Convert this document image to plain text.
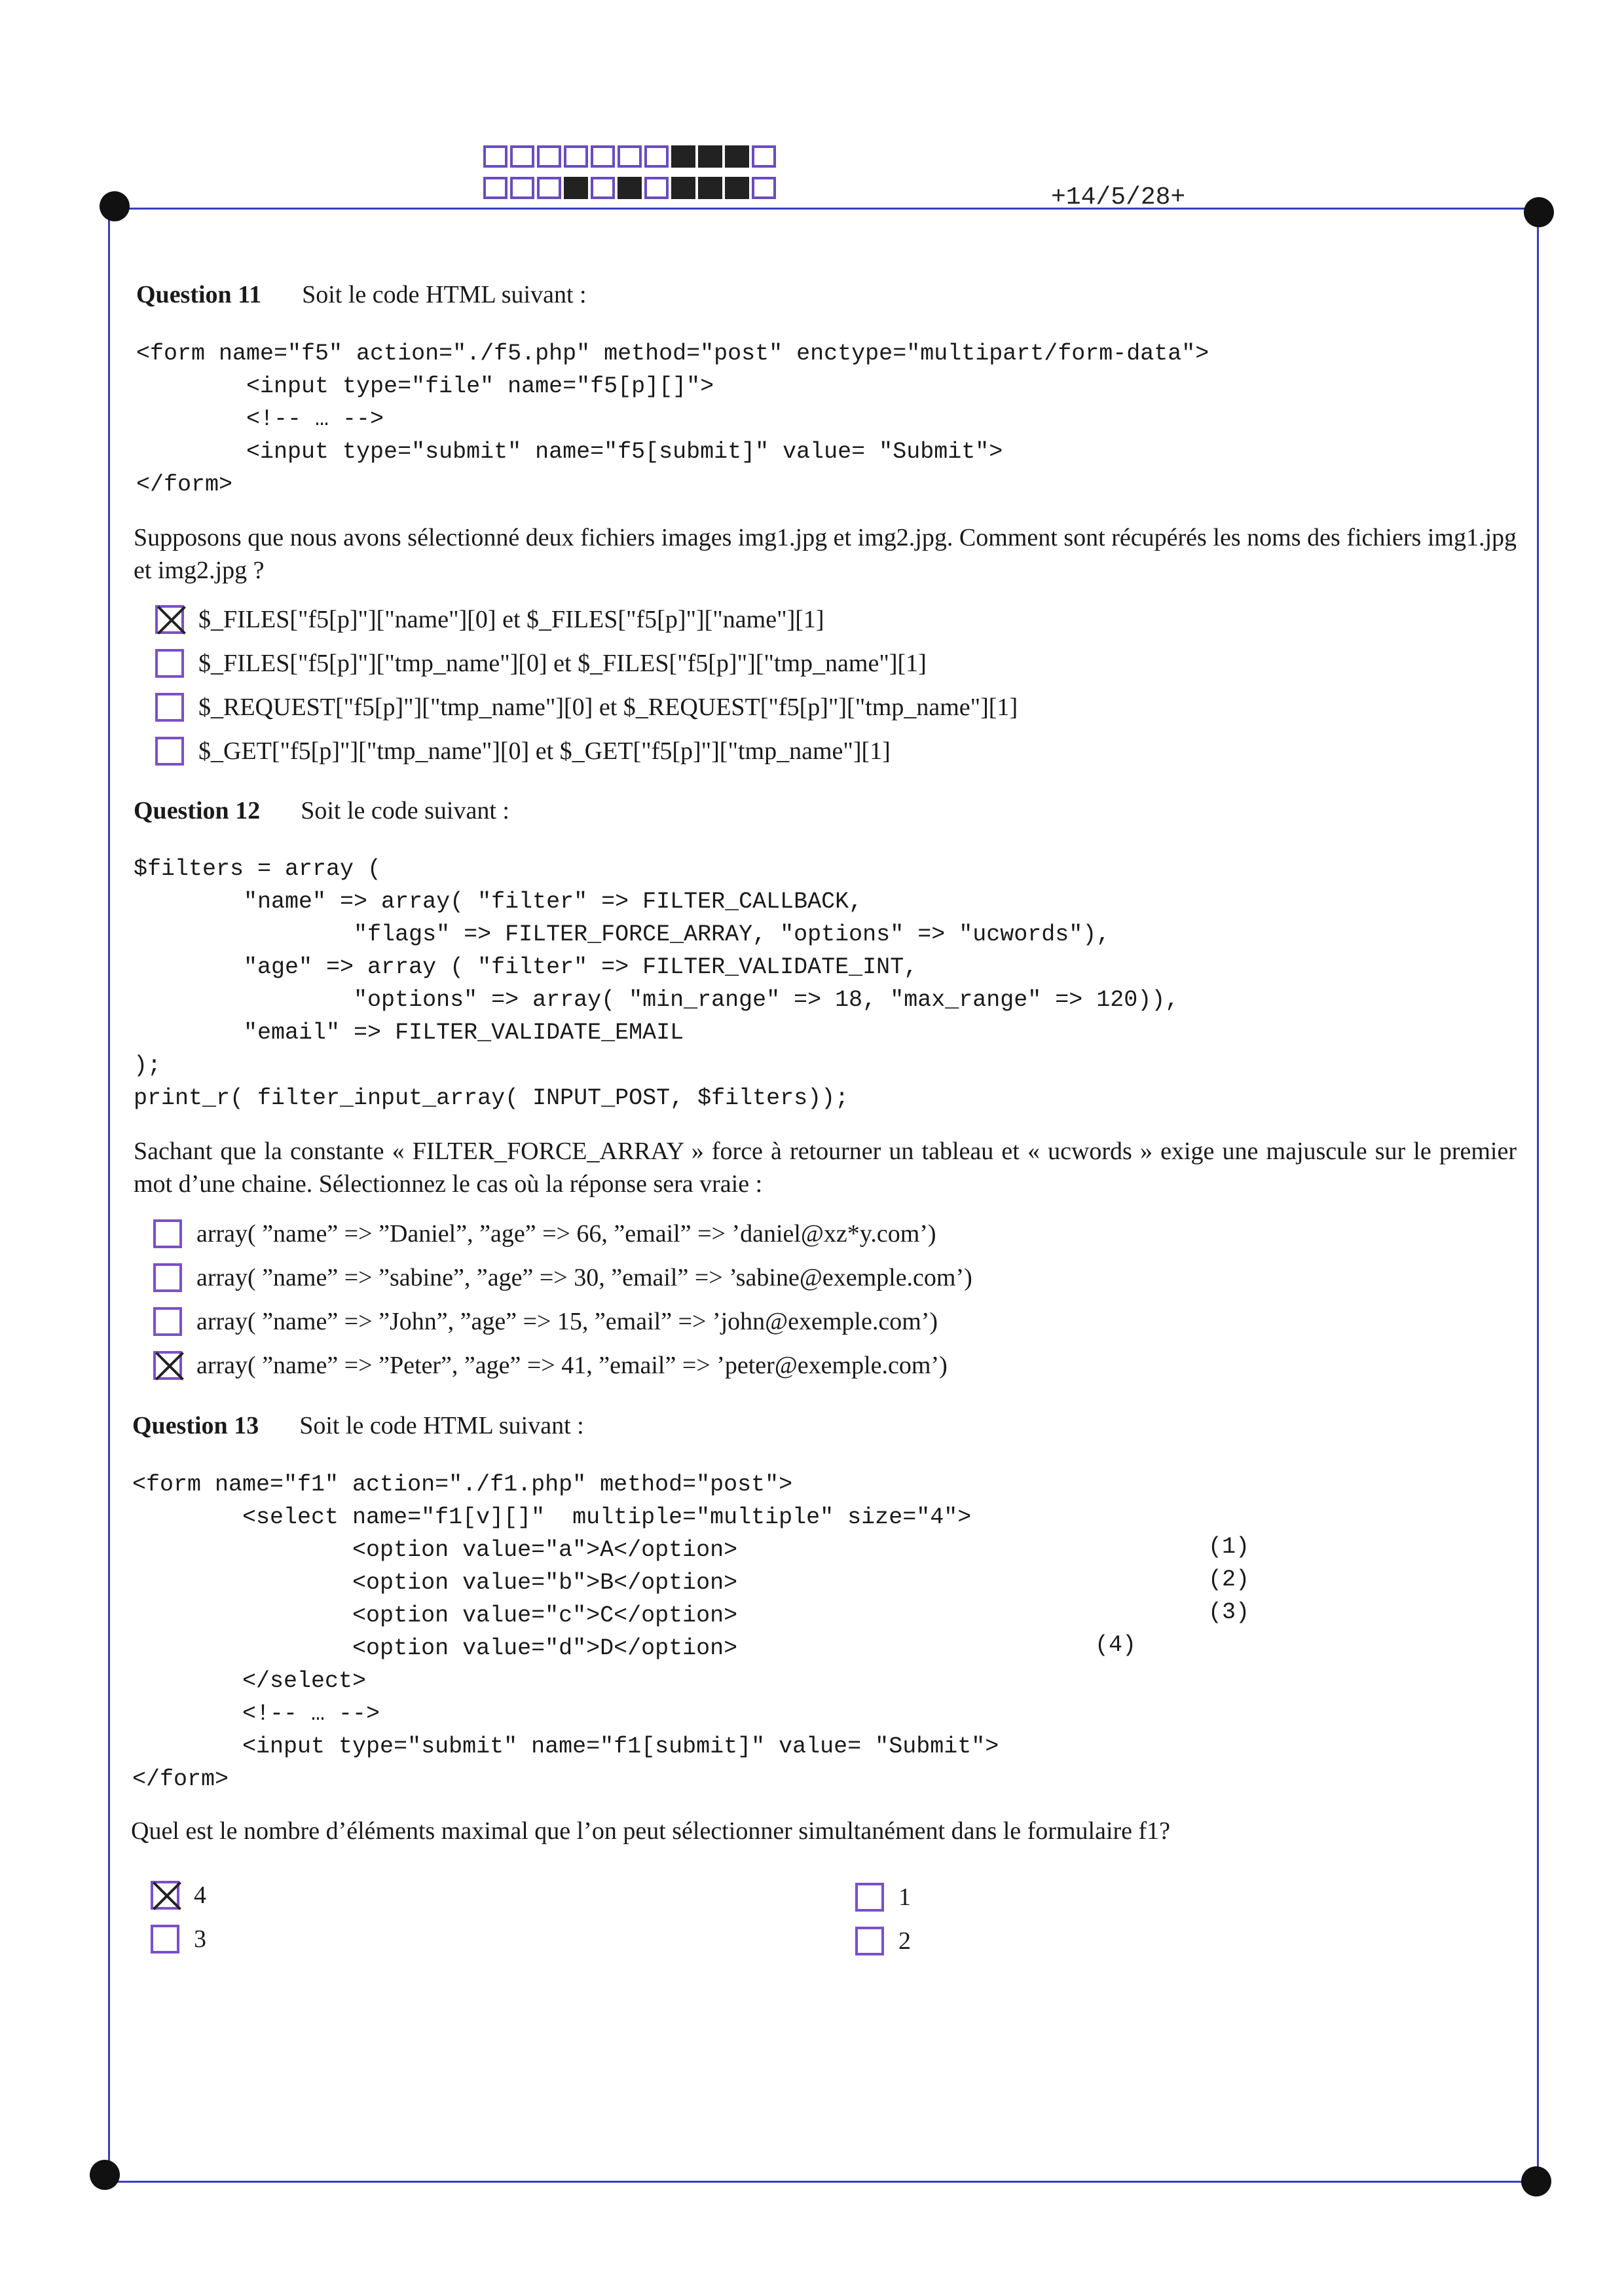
+14/5/28+
Question 11 Soit le code HTML suivant :
<form name="f5" action="./f5.php" method="post" enctype="multipart/form-data">
<input type="file" name="f5[p][]">
<!-- … -->
<input type="submit" name="f5[submit]" value= "Submit">
</form>
Supposons que nous avons sélectionné deux fichiers images img1.jpg et img2.jpg. Comment sont récupérés les noms des fichiers img1.jpg et img2.jpg ?
$_FILES["f5[p]"]["name"][0] et $_FILES["f5[p]"]["name"][1]
$_FILES["f5[p]"]["tmp_name"][0] et $_FILES["f5[p]"]["tmp_name"][1]
$_REQUEST["f5[p]"]["tmp_name"][0] et $_REQUEST["f5[p]"]["tmp_name"][1]
$_GET["f5[p]"]["tmp_name"][0] et $_GET["f5[p]"]["tmp_name"][1]
Question 12 Soit le code suivant :
$filters = array (
"name" => array( "filter" => FILTER_CALLBACK,
"flags" => FILTER_FORCE_ARRAY, "options" => "ucwords"),
"age" => array ( "filter" => FILTER_VALIDATE_INT,
"options" => array( "min_range" => 18, "max_range" => 120)),
"email" => FILTER_VALIDATE_EMAIL
);
print_r( filter_input_array( INPUT_POST, $filters));
Sachant que la constante « FILTER_FORCE_ARRAY » force à retourner un tableau et « ucwords » exige une majuscule sur le premier mot d’une chaine. Sélectionnez le cas où la réponse sera vraie :
array( ”name” => ”Daniel”, ”age” => 66, ”email” => ’daniel@xz*y.com’)
array( ”name” => ”sabine”, ”age” => 30, ”email” => ’sabine@exemple.com’)
array( ”name” => ”John”, ”age” => 15, ”email” => ’john@exemple.com’)
array( ”name” => ”Peter”, ”age” => 41, ”email” => ’peter@exemple.com’)
Question 13 Soit le code HTML suivant :
<form name="f1" action="./f1.php" method="post">
<select name="f1[v][]"  multiple="multiple" size="4">
<option value="a">A</option>
<option value="b">B</option>
<option value="c">C</option>
<option value="d">D</option>
</select>
<!-- … -->
<input type="submit" name="f1[submit]" value= "Submit">
</form>
(1)
(2)
(3)
(4)
Quel est le nombre d’éléments maximal que l’on peut sélectionner simultanément dans le formulaire f1?
4	1
3	2
